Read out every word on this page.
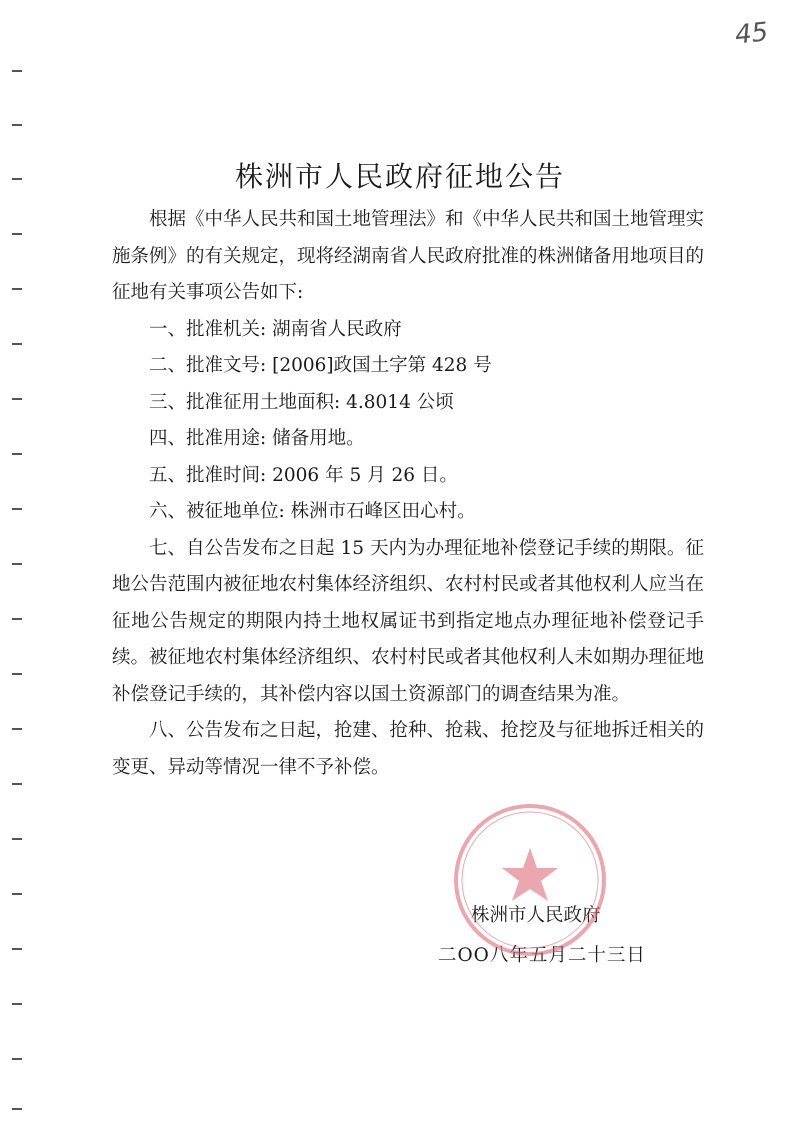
45
株洲市人民政府征地公告

根据《中华人民共和国土地管理法》和《中华人民共和国土地管理实施条例》的有关规定，现将经湖南省人民政府批准的株洲储备用地项目的征地有关事项公告如下:

一、批准机关: 湖南省人民政府

二、批准文号: [2006]政国土字第 428 号

三、批准征用土地面积: 4.8014 公顷

四、批准用途: 储备用地。

五、批准时间: 2006 年 5 月 26 日。

六、被征地单位: 株洲市石峰区田心村。

七、自公告发布之日起 15 天内为办理征地补偿登记手续的期限。征地公告范围内被征地农村集体经济组织、农村村民或者其他权利人应当在征地公告规定的期限内持土地权属证书到指定地点办理征地补偿登记手续。被征地农村集体经济组织、农村村民或者其他权利人未如期办理征地补偿登记手续的，其补偿内容以国土资源部门的调查结果为准。

八、公告发布之日起，抢建、抢种、抢栽、抢挖及与征地拆迁相关的变更、异动等情况一律不予补偿。

株洲市人民政府
二OO八年五月二十三日
